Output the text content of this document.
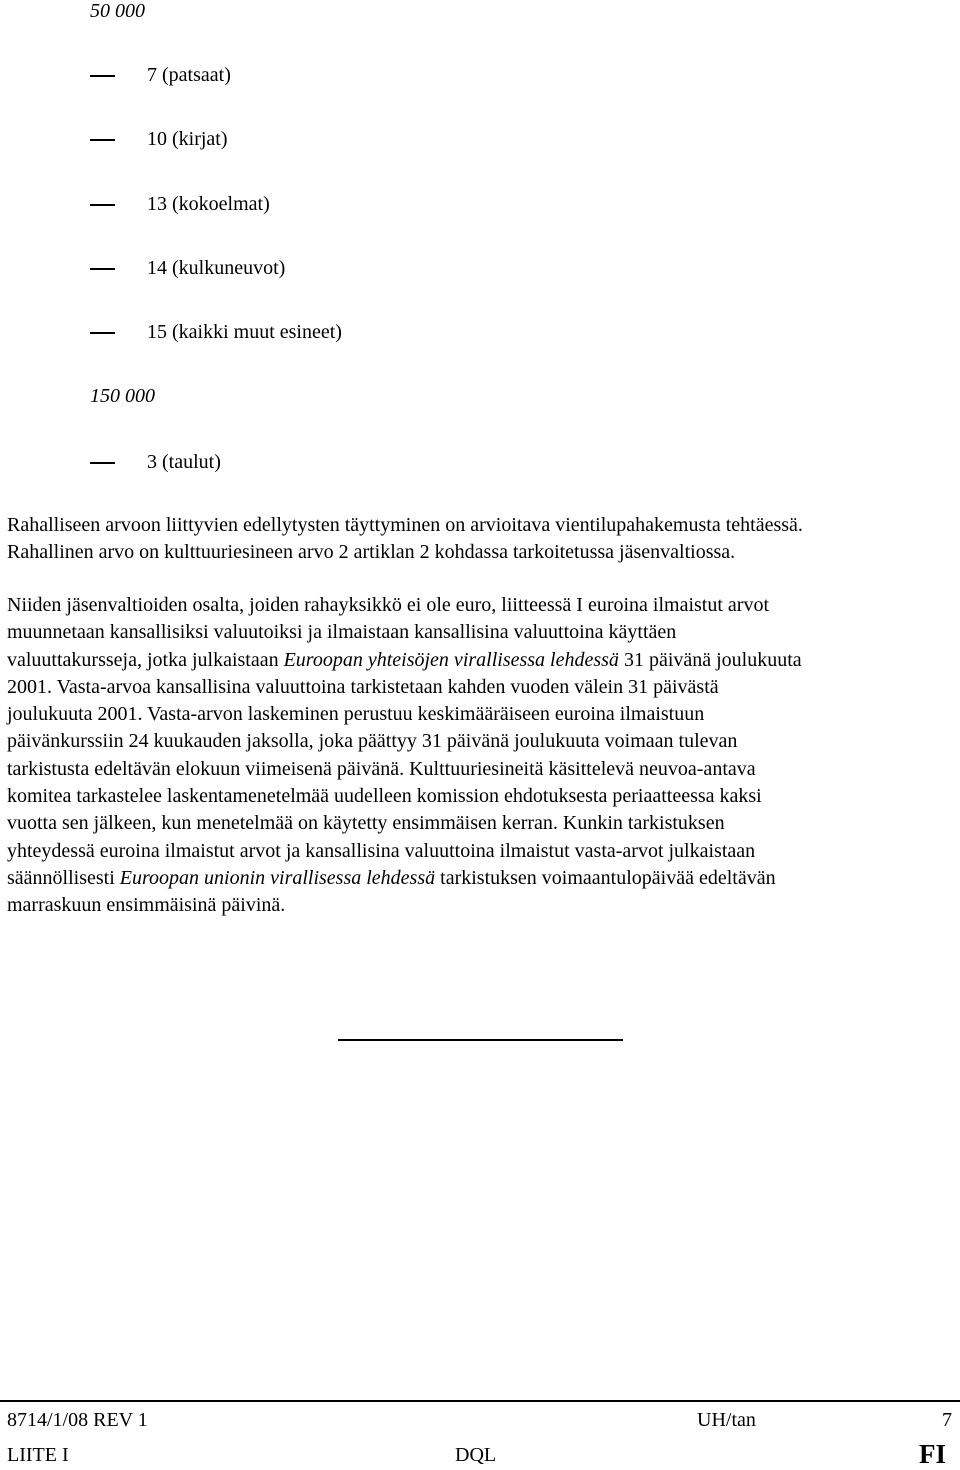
50 000
7 (patsaat)
10 (kirjat)
13 (kokoelmat)
14 (kulkuneuvot)
15 (kaikki muut esineet)
150 000
3 (taulut)
Rahalliseen arvoon liittyvien edellytysten täyttyminen on arvioitava vientilupahakemusta tehtäessä.
Rahallinen arvo on kulttuuriesineen arvo 2 artiklan 2 kohdassa tarkoitetussa jäsenvaltiossa.
Niiden jäsenvaltioiden osalta, joiden rahayksikkö ei ole euro, liitteessä I euroina ilmaistut arvot
muunnetaan kansallisiksi valuutoiksi ja ilmaistaan kansallisina valuuttoina käyttäen
valuuttakursseja, jotka julkaistaan Euroopan yhteisöjen virallisessa lehdessä 31 päivänä joulukuuta
2001. Vasta-arvoa kansallisina valuuttoina tarkistetaan kahden vuoden välein 31 päivästä
joulukuuta 2001. Vasta-arvon laskeminen perustuu keskimääräiseen euroina ilmaistuun
päivänkurssiin 24 kuukauden jaksolla, joka päättyy 31 päivänä joulukuuta voimaan tulevan
tarkistusta edeltävän elokuun viimeisenä päivänä. Kulttuuriesineitä käsittelevä neuvoa-antava
komitea tarkastelee laskentamenetelmää uudelleen komission ehdotuksesta periaatteessa kaksi
vuotta sen jälkeen, kun menetelmää on käytetty ensimmäisen kerran. Kunkin tarkistuksen
yhteydessä euroina ilmaistut arvot ja kansallisina valuuttoina ilmaistut vasta-arvot julkaistaan
säännöllisesti Euroopan unionin virallisessa lehdessä tarkistuksen voimaantulopäivää edeltävän
marraskuun ensimmäisinä päivinä.
8714/1/08 REV 1	UH/tan	7
LIITE I	DQL	FI
